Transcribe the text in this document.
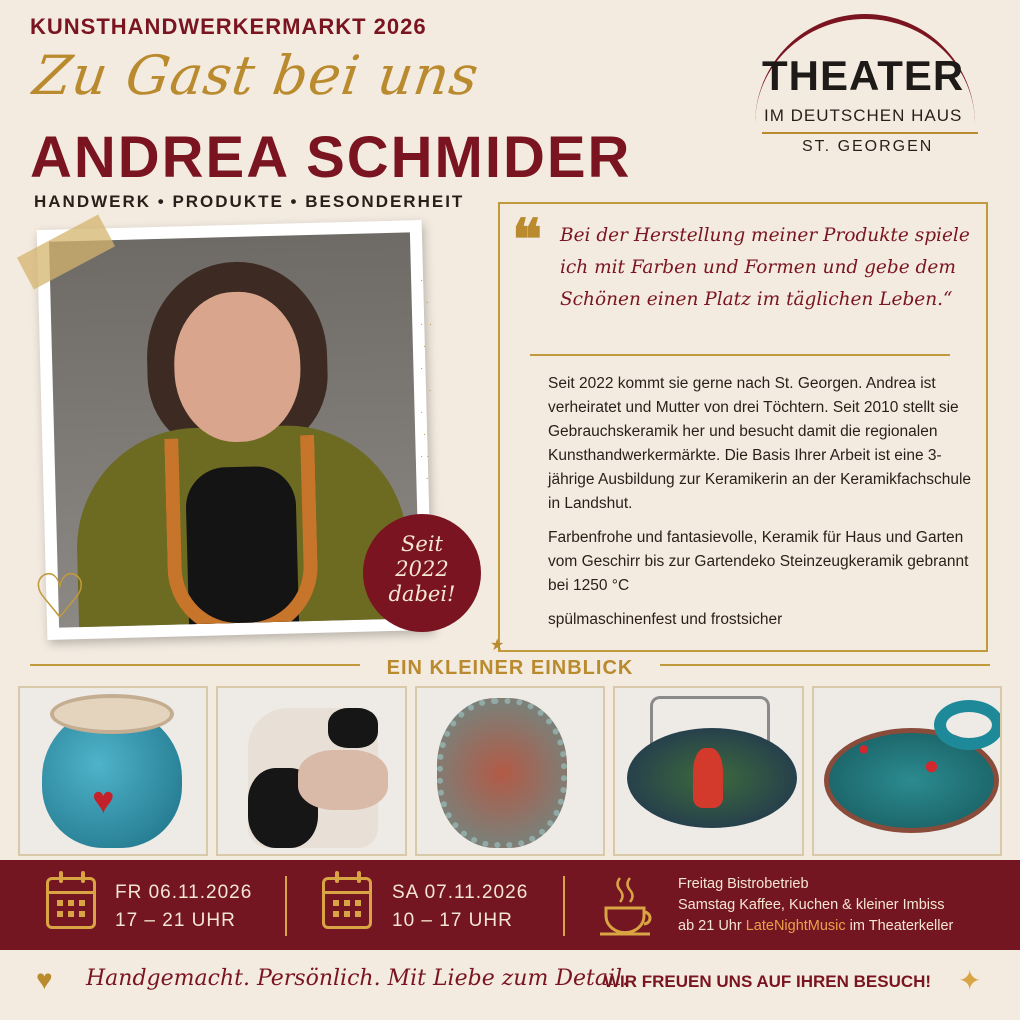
KUNSTHANDWERKERMARKT 2026
Zu Gast bei uns
ANDREA SCHMIDER
HANDWERK • PRODUKTE • BESONDERHEIT
THEATER
IM DEUTSCHEN HAUS
ST. GEORGEN
♡
·
·
·  ·
·
·
·
·
·
· ·
·
Seit
2022
dabei!
❝ Bei der Herstellung meiner Produkte spiele ich mit Farben und Formen und gebe dem Schönen einen Platz im täglichen Leben.“

Seit 2022 kommt sie gerne nach St. Georgen. Andrea ist verheiratet und Mutter von drei Töchtern. Seit 2010 stellt sie Gebrauchskeramik her und besucht damit die regionalen Kunsthandwerkermärkte. Die Basis Ihrer Arbeit ist eine 3-jährige Ausbildung zur Keramikerin an der Keramikfachschule in Landshut.

Farbenfrohe und fantasievolle, Keramik für Haus und Garten vom Geschirr bis zur Gartendeko Steinzeugkeramik gebrannt bei 1250 °C

spülmaschinenfest und frostsicher

★
EIN KLEINER EINBLICK
♥
●
●
FR 06.11.2026
17 – 21 UHR
SA 07.11.2026
10 – 17 UHR
Freitag Bistrobetrieb
Samstag Kaffee, Kuchen & kleiner Imbiss
ab 21 Uhr LateNightMusic im Theaterkeller
♥ Handgemacht. Persönlich. Mit Liebe zum Detail.
WIR FREUEN UNS AUF IHREN BESUCH! ✦
